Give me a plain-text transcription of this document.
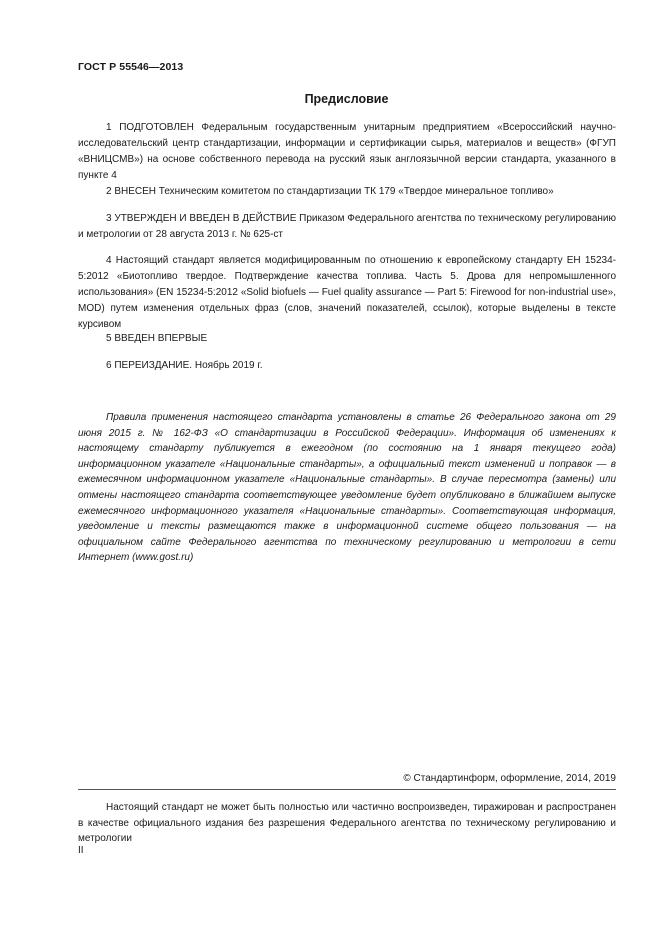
ГОСТ Р 55546—2013
Предисловие

1 ПОДГОТОВЛЕН Федеральным государственным унитарным предприятием «Всероссийский научно-исследовательский центр стандартизации, информации и сертификации сырья, материалов и веществ» (ФГУП «ВНИЦСМВ») на основе собственного перевода на русский язык англоязычной версии стандарта, указанного в пункте 4

2 ВНЕСЕН Техническим комитетом по стандартизации ТК 179 «Твердое минеральное топливо»

3 УТВЕРЖДЕН И ВВЕДЕН В ДЕЙСТВИЕ Приказом Федерального агентства по техническому регулированию и метрологии от 28 августа 2013 г. № 625-ст

4 Настоящий стандарт является модифицированным по отношению к европейскому стандарту ЕН 15234-5:2012 «Биотопливо твердое. Подтверждение качества топлива. Часть 5. Дрова для непромышленного использования» (EN 15234-5:2012 «Solid biofuels — Fuel quality assurance — Part 5: Firewood for non-industrial use», MOD) путем изменения отдельных фраз (слов, значений показателей, ссылок), которые выделены в тексте курсивом

5 ВВЕДЕН ВПЕРВЫЕ

6 ПЕРЕИЗДАНИЕ. Ноябрь 2019 г.

Правила применения настоящего стандарта установлены в статье 26 Федерального закона от 29 июня 2015 г. № 162-ФЗ «О стандартизации в Российской Федерации». Информация об изменениях к настоящему стандарту публикуется в ежегодном (по состоянию на 1 января текущего года) информационном указателе «Национальные стандарты», а официальный текст изменений и поправок — в ежемесячном информационном указателе «Национальные стандарты». В случае пересмотра (замены) или отмены настоящего стандарта соответствующее уведомление будет опубликовано в ближайшем выпуске ежемесячного информационного указателя «Национальные стандарты». Соответствующая информация, уведомление и тексты размещаются также в информационной системе общего пользования — на официальном сайте Федерального агентства по техническому регулированию и метрологии в сети Интернет (www.gost.ru)

© Стандартинформ, оформление, 2014, 2019

Настоящий стандарт не может быть полностью или частично воспроизведен, тиражирован и распространен в качестве официального издания без разрешения Федерального агентства по техническому регулированию и метрологии

II
